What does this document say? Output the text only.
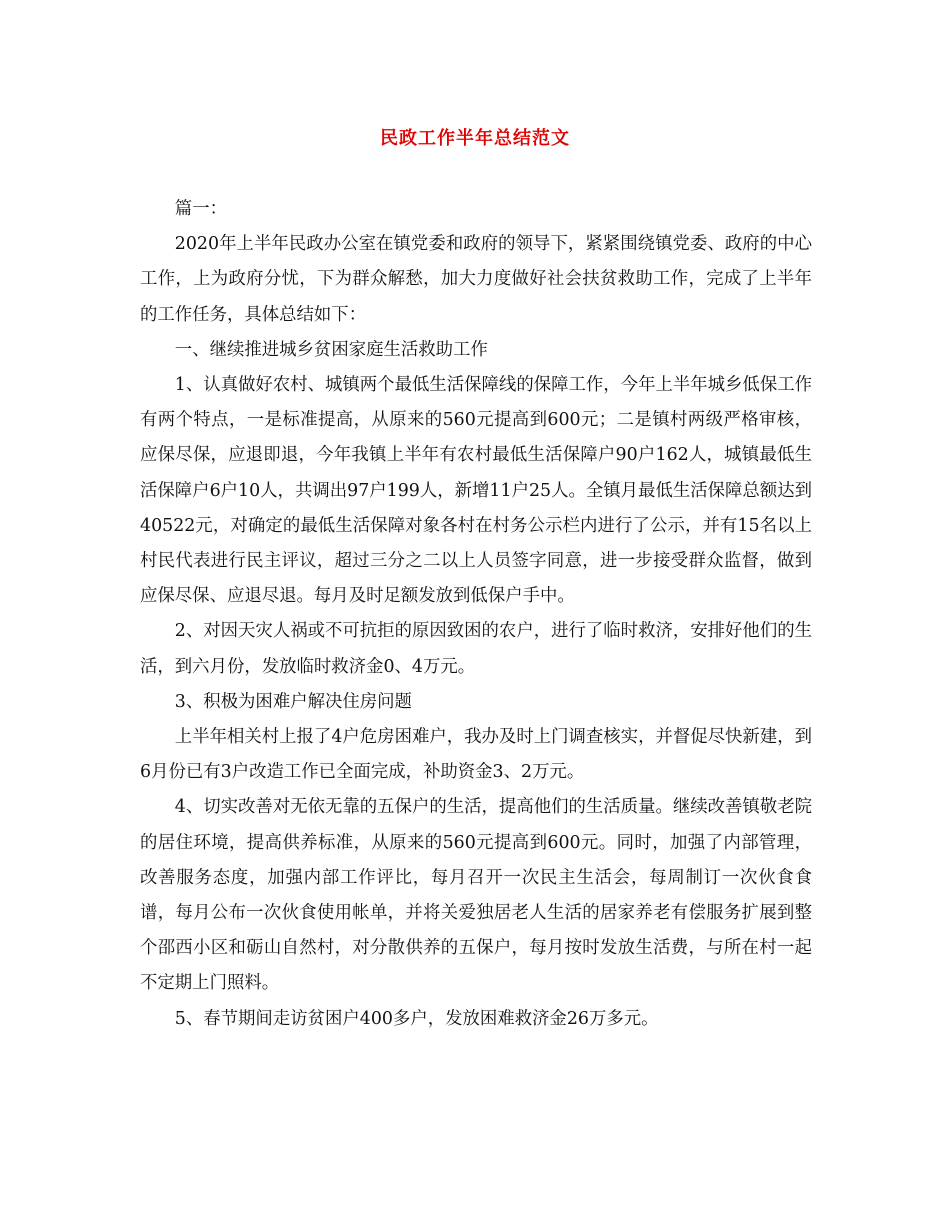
民政工作半年总结范文

篇一：

2020年上半年民政办公室在镇党委和政府的领导下，紧紧围绕镇党委、政府的中心工作，上为政府分忧，下为群众解愁，加大力度做好社会扶贫救助工作，完成了上半年的工作任务，具体总结如下：

一、继续推进城乡贫困家庭生活救助工作

1、认真做好农村、城镇两个最低生活保障线的保障工作，今年上半年城乡低保工作有两个特点，一是标准提高，从原来的560元提高到600元；二是镇村两级严格审核，应保尽保，应退即退，今年我镇上半年有农村最低生活保障户90户162人，城镇最低生活保障户6户10人，共调出97户199人，新增11户25人。全镇月最低生活保障总额达到40522元，对确定的最低生活保障对象各村在村务公示栏内进行了公示，并有15名以上村民代表进行民主评议，超过三分之二以上人员签字同意，进一步接受群众监督，做到应保尽保、应退尽退。每月及时足额发放到低保户手中。

2、对因天灾人祸或不可抗拒的原因致困的农户，进行了临时救济，安排好他们的生活，到六月份，发放临时救济金0、4万元。

3、积极为困难户解决住房问题

上半年相关村上报了4户危房困难户，我办及时上门调查核实，并督促尽快新建，到6月份已有3户改造工作已全面完成，补助资金3、2万元。

4、切实改善对无依无靠的五保户的生活，提高他们的生活质量。继续改善镇敬老院的居住环境，提高供养标准，从原来的560元提高到600元。同时，加强了内部管理，改善服务态度，加强内部工作评比，每月召开一次民主生活会，每周制订一次伙食食谱，每月公布一次伙食使用帐单，并将关爱独居老人生活的居家养老有偿服务扩展到整个邵西小区和砺山自然村，对分散供养的五保户，每月按时发放生活费，与所在村一起不定期上门照料。

5、春节期间走访贫困户400多户，发放困难救济金26万多元。
